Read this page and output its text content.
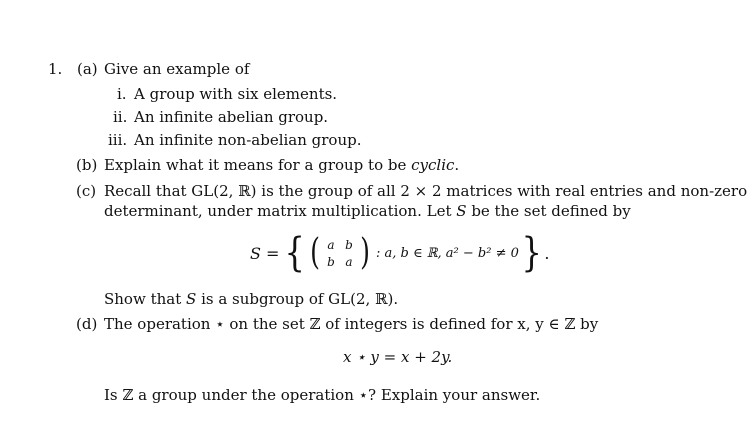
1. (a) Give an example of
i. A group with six elements.
ii. An infinite abelian group.
iii. An infinite non-abelian group.
(b) Explain what it means for a group to be cyclic.
(c) Recall that GL(2, ℝ) is the group of all 2 × 2 matrices with real entries and non-zero
determinant, under matrix multiplication. Let S be the set defined by
S = { ( a b
b a ) : a, b ∈ ℝ, a² − b² ≠ 0 } .
Show that S is a subgroup of GL(2, ℝ).
(d) The operation ⋆ on the set ℤ of integers is defined for x, y ∈ ℤ by
x ⋆ y = x + 2y.
Is ℤ a group under the operation ⋆? Explain your answer.
